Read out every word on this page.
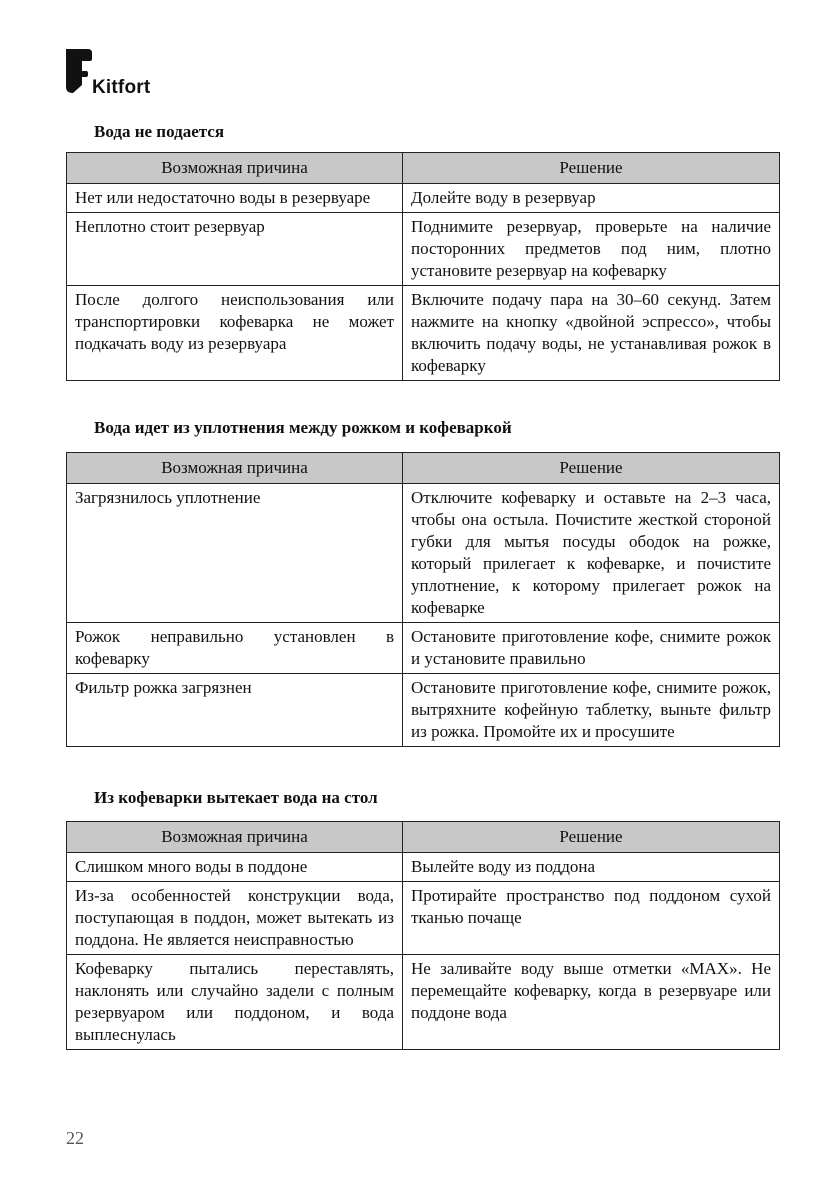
Kitfort
Вода не подается
Возможная причина	Решение
Нет или недостаточно воды в резервуаре	Долейте воду в резервуар
Неплотно стоит резервуар	Поднимите резервуар, проверьте на наличие посторонних предметов под ним, плотно установите резервуар на кофеварку
После долгого неиспользования или транспортировки кофеварка не может подкачать воду из резервуара	Включите подачу пара на 30–60 секунд. Затем нажмите на кнопку «двойной эспрессо», чтобы включить подачу воды, не устанавливая рожок в кофеварку
Вода идет из уплотнения между рожком и кофеваркой
Возможная причина	Решение
Загрязнилось уплотнение	Отключите кофеварку и оставьте на 2–3 часа, чтобы она остыла. Почистите жесткой стороной губки для мытья посуды ободок на рожке, который прилегает к кофеварке, и почистите уплотнение, к которому прилегает рожок на кофеварке
Рожок неправильно установлен в кофеварку	Остановите приготовление кофе, снимите рожок и установите правильно
Фильтр рожка загрязнен	Остановите приготовление кофе, снимите рожок, вытряхните кофейную таблетку, выньте фильтр из рожка. Промойте их и просушите
Из кофеварки вытекает вода на стол
Возможная причина	Решение
Слишком много воды в поддоне	Вылейте воду из поддона
Из-за особенностей конструкции вода, поступающая в поддон, может вытекать из поддона. Не является неисправностью	Протирайте пространство под поддоном сухой тканью почаще
Кофеварку пытались переставлять, наклонять или случайно задели с полным резервуаром или поддоном, и вода выплеснулась	Не заливайте воду выше отметки «MAX». Не перемещайте кофеварку, когда в резервуаре или поддоне вода
22
